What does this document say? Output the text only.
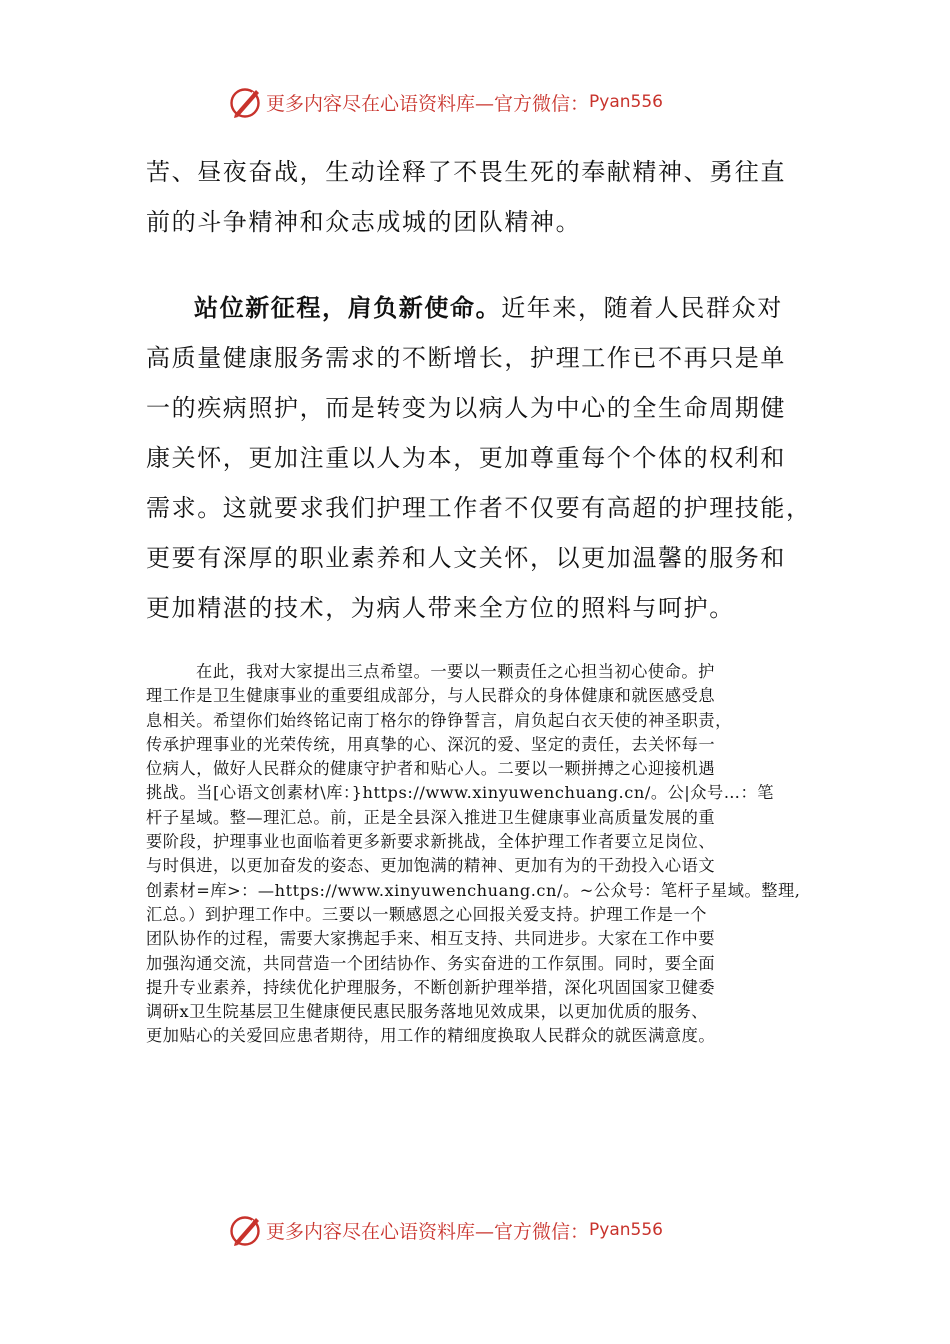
更多内容尽在心语资料库—官方微信： Pyan556
苦、昼夜奋战，生动诠释了不畏生死的奉献精神、勇往直
前的斗争精神和众志成城的团队精神。
站位新征程，肩负新使命。近年来，随着人民群众对
高质量健康服务需求的不断增长，护理工作已不再只是单
一的疾病照护，而是转变为以病人为中心的全生命周期健
康关怀，更加注重以人为本，更加尊重每个个体的权利和
需求。这就要求我们护理工作者不仅要有高超的护理技能，
更要有深厚的职业素养和人文关怀，以更加温馨的服务和
更加精湛的技术，为病人带来全方位的照料与呵护。
在此，我对大家提出三点希望。一要以一颗责任之心担当初心使命。护
理工作是卫生健康事业的重要组成部分，与人民群众的身体健康和就医感受息
息相关。希望你们始终铭记南丁格尔的铮铮誓言，肩负起白衣天使的神圣职责，
传承护理事业的光荣传统，用真挚的心、深沉的爱、坚定的责任，去关怀每一
位病人，做好人民群众的健康守护者和贴心人。二要以一颗拼搏之心迎接机遇
挑战。当[心语文创素材\库：}https://www.xinyuwenchuang.cn/。公|众号…：笔
杆子星域。整—理汇总。前，正是全县深入推进卫生健康事业高质量发展的重
要阶段，护理事业也面临着更多新要求新挑战，全体护理工作者要立足岗位、
与时俱进，以更加奋发的姿态、更加饱满的精神、更加有为的干劲投入心语文
创素材=库>：—https://www.xinyuwenchuang.cn/。~公众号：笔杆子星域。整理,
汇总。）到护理工作中。三要以一颗感恩之心回报关爱支持。护理工作是一个
团队协作的过程，需要大家携起手来、相互支持、共同进步。大家在工作中要
加强沟通交流，共同营造一个团结协作、务实奋进的工作氛围。同时，要全面
提升专业素养，持续优化护理服务，不断创新护理举措，深化巩固国家卫健委
调研x卫生院基层卫生健康便民惠民服务落地见效成果，以更加优质的服务、
更加贴心的关爱回应患者期待，用工作的精细度换取人民群众的就医满意度。
更多内容尽在心语资料库—官方微信： Pyan556
